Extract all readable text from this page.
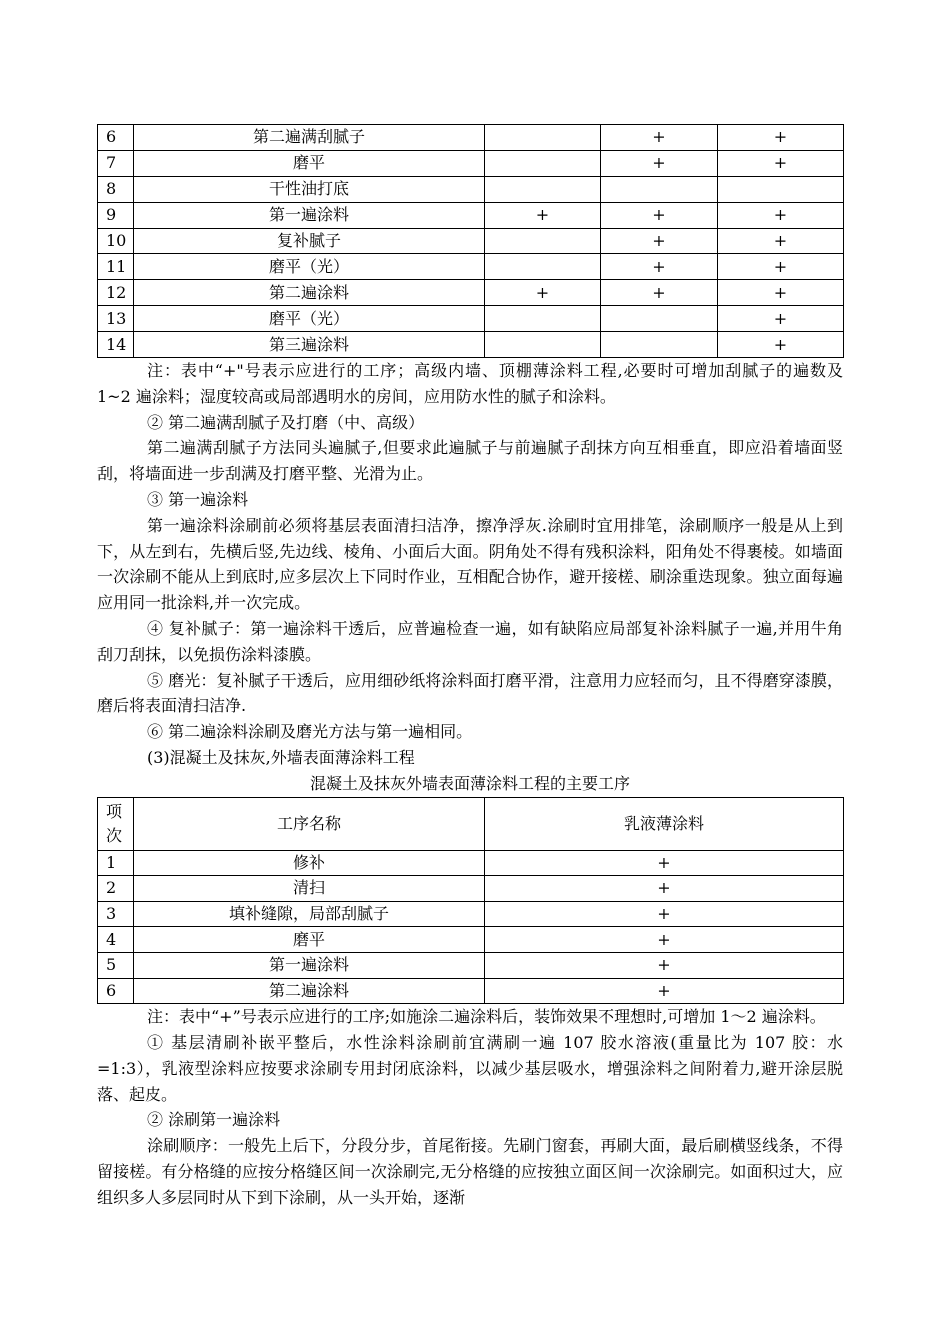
6	第二遍满刮腻子		+	+
7	磨平		+	+
8	干性油打底			
9	第一遍涂料	+	+	+
10	复补腻子		+	+
11	磨平（光）		+	+
12	第二遍涂料	+	+	+
13	磨平（光）			+
14	第三遍涂料			+

注：表中“+"号表示应进行的工序；高级内墙、顶棚薄涂料工程,必要时可增加刮腻子的遍数及 1~2 遍涂料；湿度较高或局部遇明水的房间，应用防水性的腻子和涂料。

② 第二遍满刮腻子及打磨（中、高级）

第二遍满刮腻子方法同头遍腻子,但要求此遍腻子与前遍腻子刮抹方向互相垂直，即应沿着墙面竖刮，将墙面进一步刮满及打磨平整、光滑为止。

③ 第一遍涂料

第一遍涂料涂刷前必须将基层表面清扫洁净，擦净浮灰.涂刷时宜用排笔，涂刷顺序一般是从上到下，从左到右，先横后竖,先边线、棱角、小面后大面。阴角处不得有残积涂料，阳角处不得裹棱。如墙面一次涂刷不能从上到底时,应多层次上下同时作业，互相配合协作，避开接槎、刷涂重迭现象。独立面每遍应用同一批涂料,并一次完成。

④ 复补腻子：第一遍涂料干透后，应普遍检查一遍，如有缺陷应局部复补涂料腻子一遍,并用牛角刮刀刮抹，以免损伤涂料漆膜。

⑤ 磨光：复补腻子干透后，应用细砂纸将涂料面打磨平滑，注意用力应轻而匀，且不得磨穿漆膜，磨后将表面清扫洁净.

⑥ 第二遍涂料涂刷及磨光方法与第一遍相同。

(3)混凝土及抹灰,外墙表面薄涂料工程

混凝土及抹灰外墙表面薄涂料工程的主要工序

项次	工序名称	乳液薄涂料
1	修补	+
2	清扫	+
3	填补缝隙，局部刮腻子	+
4	磨平	+
5	第一遍涂料	+
6	第二遍涂料	+

注：表中“+”号表示应进行的工序;如施涂二遍涂料后，装饰效果不理想时,可增加 1～2 遍涂料。

① 基层清刷补嵌平整后，水性涂料涂刷前宜满刷一遍 107 胶水溶液(重量比为 107 胶：水=1:3），乳液型涂料应按要求涂刷专用封闭底涂料，以减少基层吸水，增强涂料之间附着力,避开涂层脱落、起皮。

② 涂刷第一遍涂料

涂刷顺序：一般先上后下，分段分步，首尾衔接。先刷门窗套，再刷大面，最后刷横竖线条，不得留接槎。有分格缝的应按分格缝区间一次涂刷完,无分格缝的应按独立面区间一次涂刷完。如面积过大，应组织多人多层同时从下到下涂刷，从一头开始，逐渐
